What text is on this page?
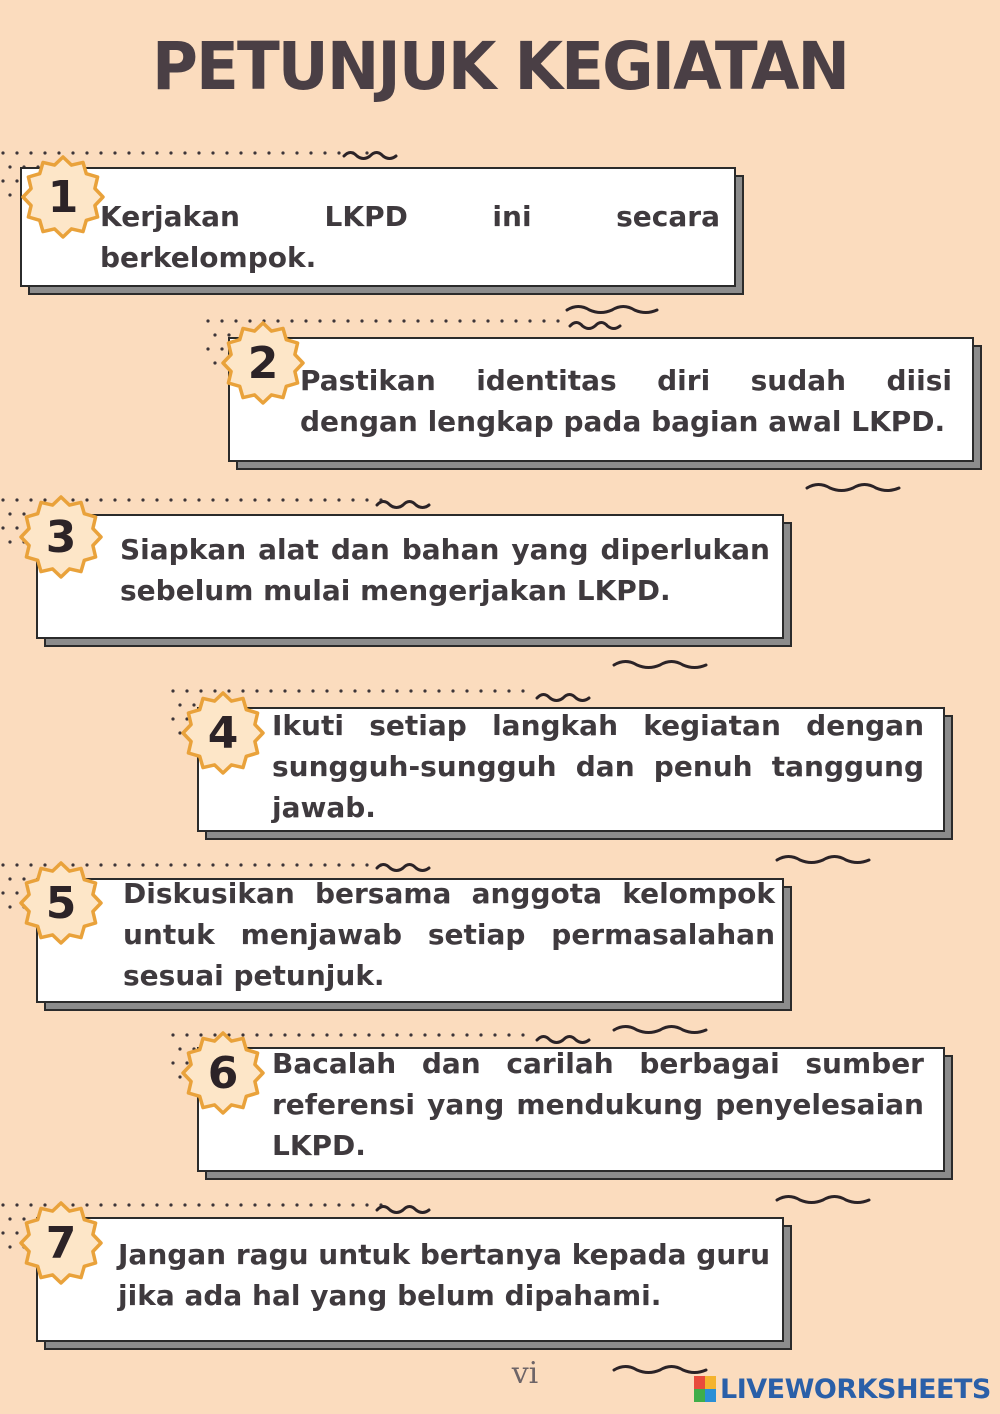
PETUNJUK KEGIATAN
Kerjakan LKPD ini secara berkelompok.
1
Pastikan identitas diri sudah diisi dengan lengkap pada bagian awal LKPD.
2
Siapkan alat dan bahan yang diperlukan sebelum mulai mengerjakan LKPD.
3
Ikuti setiap langkah kegiatan dengan sungguh-sungguh dan penuh tanggung jawab.
4
Diskusikan bersama anggota kelompok untuk menjawab setiap permasalahan sesuai petunjuk.
5
Bacalah dan carilah berbagai sumber referensi yang mendukung penyelesaian LKPD.
6
Jangan ragu untuk bertanya kepada guru jika ada hal yang belum dipahami.
7
vi	LIVEWORKSHEETS
